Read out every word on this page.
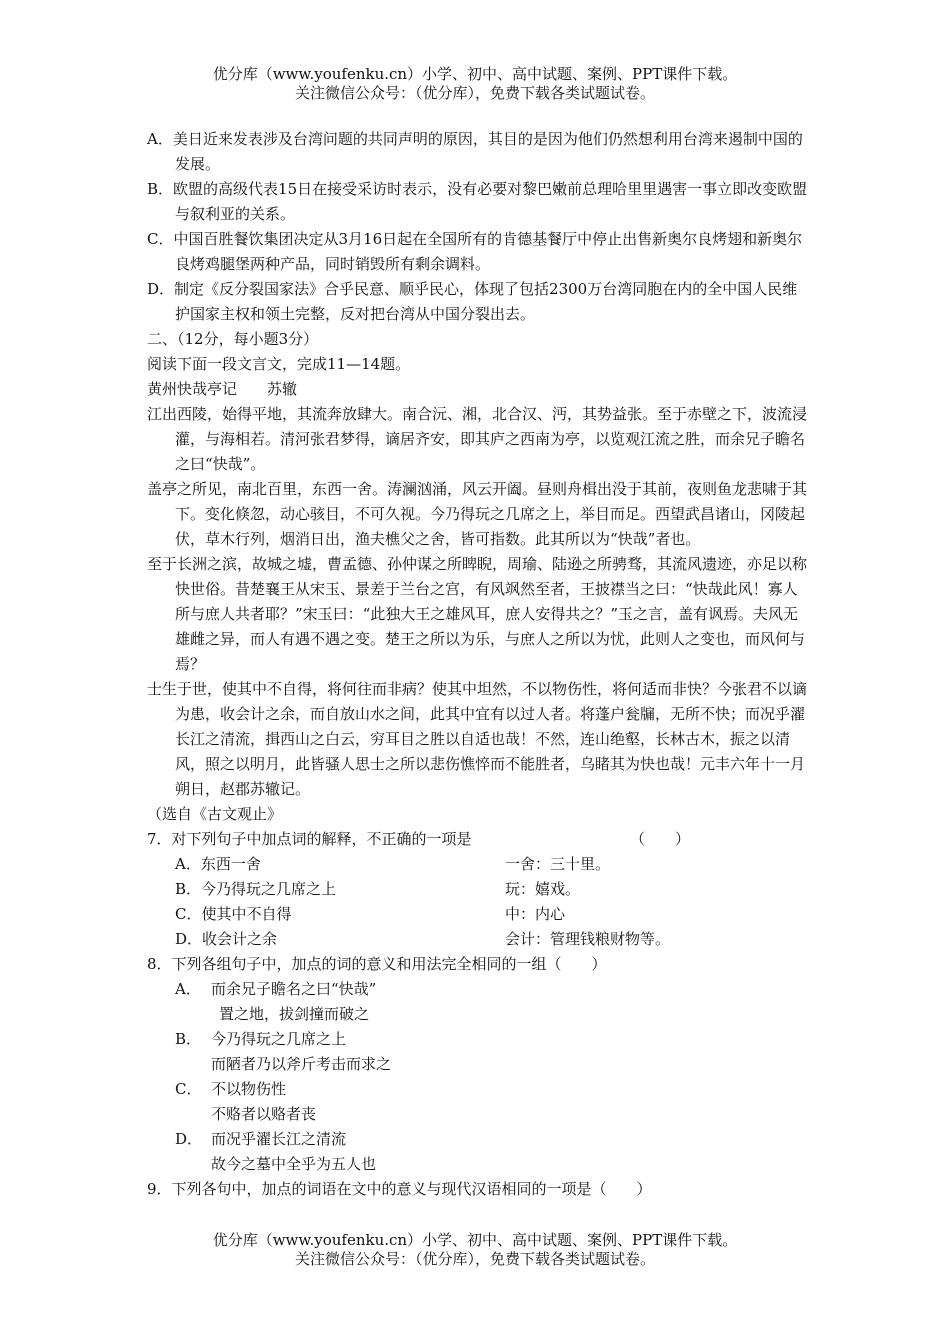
优分库（www.youfenku.cn）小学、初中、高中试题、案例、PPT课件下载。
关注微信公众号：（优分库），免费下载各类试题试卷。
A．美日近来发表涉及台湾问题的共同声明的原因，其目的是因为他们仍然想利用台湾来遏制中国的发展。
B．欧盟的高级代表15日在接受采访时表示，没有必要对黎巴嫩前总理哈里里遇害一事立即改变欧盟与叙利亚的关系。
C．中国百胜餐饮集团决定从3月16日起在全国所有的肯德基餐厅中停止出售新奥尔良烤翅和新奥尔良烤鸡腿堡两种产品，同时销毁所有剩余调料。
D．制定《反分裂国家法》合乎民意、顺乎民心，体现了包括2300万台湾同胞在内的全中国人民维护国家主权和领土完整，反对把台湾从中国分裂出去。
二、（12分，每小题3分）
阅读下面一段文言文，完成11—14题。
黄州快哉亭记　　苏辙
江出西陵，始得平地，其流奔放肆大。南合沅、湘，北合汉、沔，其势益张。至于赤壁之下，波流浸灌，与海相若。清河张君梦得，谪居齐安，即其庐之西南为亭，以览观江流之胜，而余兄子瞻名之曰“快哉”。
盖亭之所见，南北百里，东西一舍。涛澜汹涌，风云开阖。昼则舟楫出没于其前，夜则鱼龙悲啸于其下。变化倏忽，动心骇目，不可久视。今乃得玩之几席之上，举目而足。西望武昌诸山，冈陵起伏，草木行列，烟消日出，渔夫樵父之舍，皆可指数。此其所以为“快哉”者也。
至于长洲之滨，故城之墟，曹孟德、孙仲谋之所睥睨，周瑜、陆逊之所骋骛，其流风遗迹，亦足以称快世俗。昔楚襄王从宋玉、景差于兰台之宫，有风飒然至者，王披襟当之曰：“快哉此风！寡人所与庶人共者耶？”宋玉曰：“此独大王之雄风耳，庶人安得共之？”玉之言，盖有讽焉。夫风无雄雌之异，而人有遇不遇之变。楚王之所以为乐，与庶人之所以为忧，此则人之变也，而风何与焉？
士生于世，使其中不自得，将何往而非病？使其中坦然，不以物伤性，将何适而非快？今张君不以谪为患，收会计之余，而自放山水之间，此其中宜有以过人者。将蓬户瓮牖，无所不快；而况乎濯长江之清流，揖西山之白云，穷耳目之胜以自适也哉！不然，连山绝壑，长林古木，振之以清风，照之以明月，此皆骚人思士之所以悲伤憔悴而不能胜者，乌睹其为快也哉！元丰六年十一月朔日，赵郡苏辙记。
（选自《古文观止》
7．对下列句子中加点词的解释，不正确的一项是	（　　）
A．东西一舍	一舍：三十里。
B．今乃得玩之几席之上	玩：嬉戏。
C．使其中不自得	中：内心
D．收会计之余	会计：管理钱粮财物等。
8．下列各组句子中，加点的词的意义和用法完全相同的一组（　　）
A． 而余兄子瞻名之曰“快哉”
置之地，拔剑撞而破之
B． 今乃得玩之几席之上
而陋者乃以斧斤考击而求之
C． 不以物伤性
不赂者以赂者丧
D． 而况乎濯长江之清流
故今之墓中全乎为五人也
9．下列各句中，加点的词语在文中的意义与现代汉语相同的一项是（　　）
优分库（www.youfenku.cn）小学、初中、高中试题、案例、PPT课件下载。
关注微信公众号：（优分库），免费下载各类试题试卷。
